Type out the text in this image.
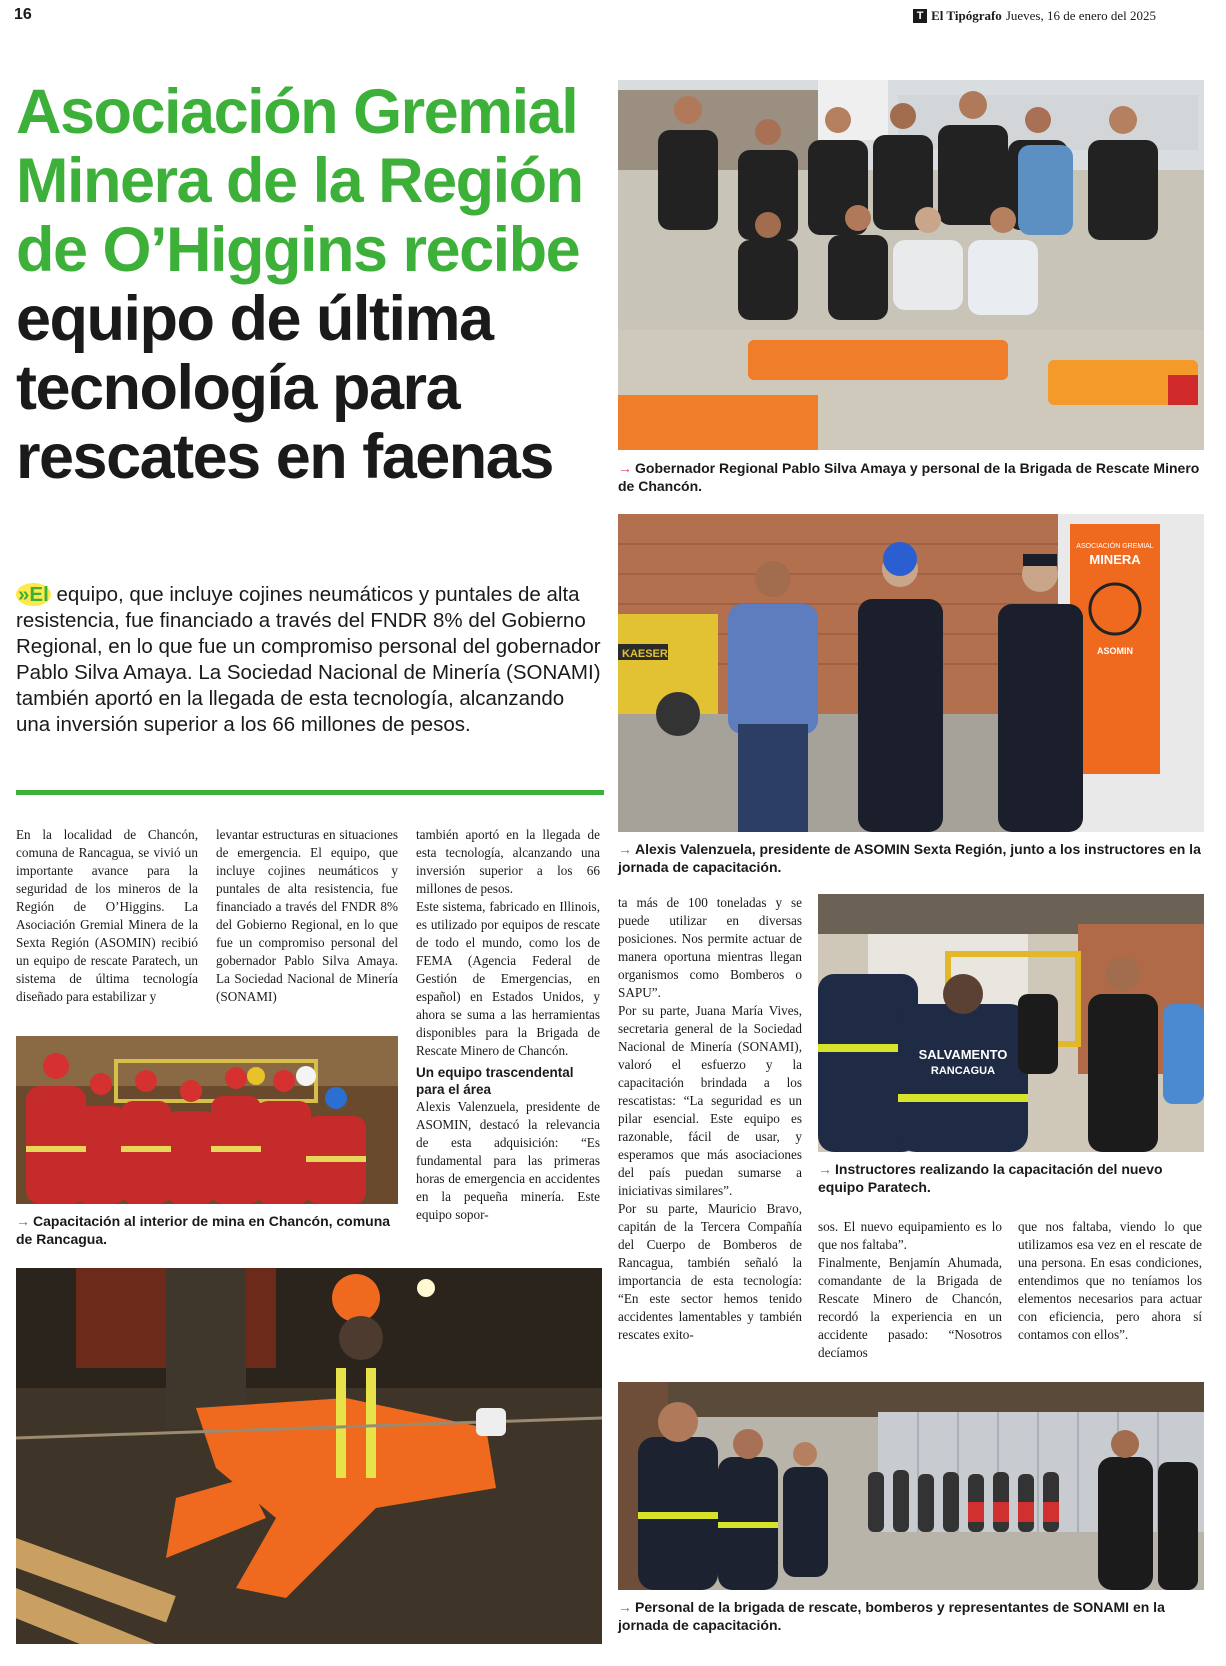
16	T El Tipógrafo Jueves, 16 de enero del 2025
Asociación Gremial
Minera de la Región
de O’Higgins recibe
equipo de última
tecnología para
rescates en faenas
»El equipo, que incluye cojines neumáticos y puntales de alta resistencia, fue financiado a través del FNDR 8% del Gobierno Regional, en lo que fue un compromiso personal del gobernador Pablo Silva Amaya. La Sociedad Nacional de Minería (SONAMI) también aportó en la llegada de esta tecnología, alcanzando una inversión superior a los 66 millones de pesos.

En la localidad de Chancón, comuna de Rancagua, se vivió un importante avance para la seguridad de los mineros de la Región de O’Higgins. La Asociación Gremial Minera de la Sexta Región (ASOMIN) recibió un equipo de rescate Paratech, un sistema de última tecnología diseñado para estabilizar y

levantar estructuras en situaciones de emergencia. El equipo, que incluye cojines neumáticos y puntales de alta resistencia, fue financiado a través del FNDR 8% del Gobierno Regional, en lo que fue un compromiso personal del gobernador Pablo Silva Amaya. La Sociedad Nacional de Minería (SONAMI)

también aportó en la llegada de esta tecnología, alcanzando una inversión superior a los 66 millones de pesos.

Este sistema, fabricado en Illinois, es utilizado por equipos de rescate de todo el mundo, como los de FEMA (Agencia Federal de Gestión de Emergencias, en español) en Estados Unidos, y ahora se suma a las herramientas disponibles para la Brigada de Rescate Minero de Chancón.

Un equipo trascendental para el área

Alexis Valenzuela, presidente de ASOMIN, destacó la relevancia de esta adquisición: “Es fundamental para las primeras horas de emergencia en accidentes en la pequeña minería. Este equipo sopor-

ta más de 100 toneladas y se puede utilizar en diversas posiciones. Nos permite actuar de manera oportuna mientras llegan organismos como Bomberos o SAPU”.

Por su parte, Juana María Vives, secretaria general de la Sociedad Nacional de Minería (SONAMI), valoró el esfuerzo y la capacitación brindada a los rescatistas: “La seguridad es un pilar esencial. Este equipo es razonable, fácil de usar, y esperamos que más asociaciones del país puedan sumarse a iniciativas similares”.

Por su parte, Mauricio Bravo, capitán de la Tercera Compañía del Cuerpo de Bomberos de Rancagua, también señaló la importancia de esta tecnología: “En este sector hemos tenido accidentes lamentables y también rescates exito-

sos. El nuevo equipamiento es lo que nos faltaba”.

Finalmente, Benjamín Ahumada, comandante de la Brigada de Rescate Minero de Chancón, recordó la experiencia en un accidente pasado: “Nosotros decíamos

que nos faltaba, viendo lo que utilizamos esa vez en el rescate de una persona. En esas condiciones, entendimos que no teníamos los elementos necesarios para actuar con eficiencia, pero ahora sí contamos con ellos”.

→ Gobernador Regional Pablo Silva Amaya y personal de la Brigada de Rescate Minero de Chancón.
KAESER
ASOCIACIÓN GREMIAL
MINERA
ASOMIN
→ Alexis Valenzuela, presidente de ASOMIN Sexta Región, junto a los instructores en la jornada de capacitación.
SALVAMENTO
RANCAGUA
→ Instructores realizando la capacitación del nuevo equipo Paratech.
→ Capacitación al interior de mina en Chancón, comuna de Rancagua.
→ Personal de la brigada de rescate, bomberos y representantes de SONAMI en la jornada de capacitación.
